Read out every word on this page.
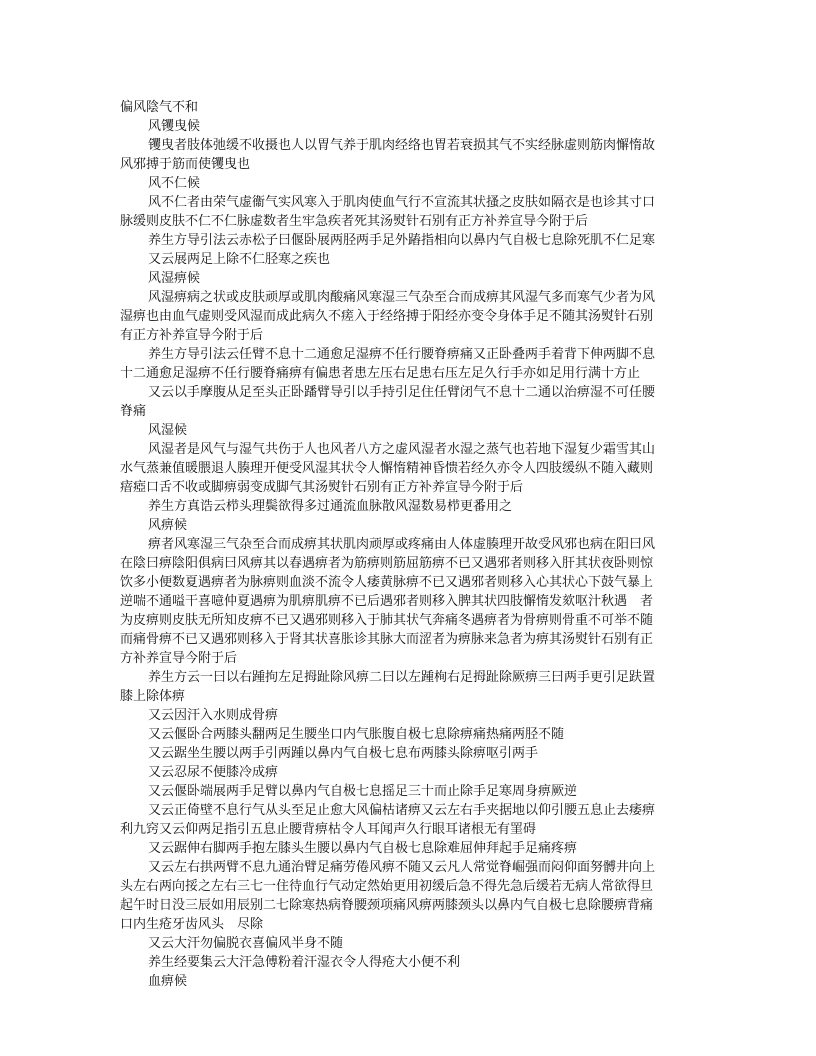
偏风陰气不和
风䦆曳候
䦆曳者肢体弛缓不收摄也人以胃气养于肌肉经络也胃若衰损其气不实经脉虚则筋肉懈惰故
风邪搏于筋而使䦆曳也
风不仁候
风不仁者由荣气虚衞气实风寒入于肌肉使血气行不宣流其状搔之皮肤如隔衣是也诊其寸口
脉缓则皮肤不仁不仁脉虚数者生牢急疾者死其汤熨针石别有正方补养宣导今附于后
养生方导引法云赤松子曰偃卧展两胫两手足外蹖指相向以鼻内气自极七息除死肌不仁足寒
又云展两足上除不仁胫寒之疾也
风湿痹候
风湿痹病之状或皮肤顽厚或肌肉酸痛风寒湿三气杂至合而成痹其风湿气多而寒气少者为风
湿痹也由血气虚则受风湿而成此病久不瘥入于经络搏于阳经亦变令身体手足不随其汤熨针石别
有正方补养宣导今附于后
养生方导引法云任臂不息十二通愈足湿痹不任行腰脊痹痛又正卧叠两手着背下伸两脚不息
十二通愈足湿痹不任行腰脊痛痹有偏患者患左压右足患右压左足久行手亦如足用行满十方止
又云以手摩腹从足至头正卧蹯臂导引以手持引足住任臂闭气不息十二通以治痹湿不可任腰
脊痛
风湿候
风湿者是风气与湿气共伤于人也风者八方之虚风湿者水湿之蒸气也若地下湿复少霜雪其山
水气蒸兼值暖腲退人腠理开便受风湿其状令人懈惰精神昏愦若经久亦令人四肢缓纵不随入藏则
瘖瘂口舌不收或脚痹弱变成脚气其汤熨针石别有正方补养宣导今附于后
养生方真诰云栉头理鬓欲得多过通流血脉散风湿数易栉更番用之
风痹候
痹者风寒湿三气杂至合而成痹其状肌肉顽厚或疼痛由人体虚腠理开故受风邪也病在阳曰风
在陰曰痹陰阳俱病曰风痹其以春遇痹者为筋痹则筋屈筋痹不已又遇邪者则移入肝其状夜卧则惊
饮多小便数夏遇痹者为脉痹则血淡不流令人痿黄脉痹不已又遇邪者则移入心其状心下鼓气暴上
逆喘不通嗌干喜噫仲夏遇痹为肌痹肌痹不已后遇邪者则移入脾其状四肢懈惰发欬呕汁秋遇　者
为皮痹则皮肤无所知皮痹不已又遇邪则移入于肺其状气奔痛冬遇痹者为骨痹则骨重不可举不随
而痛骨痹不已又遇邪则移入于肾其状喜胀诊其脉大而涩者为痹脉来急者为痹其汤熨针石别有正
方补养宣导今附于后
养生方云一曰以右踵拘左足拇趾除风痹二曰以左踵栒右足拇趾除厥痹三曰两手更引足趺置
膝上除体痹
又云因汗入水则成骨痹
又云偃卧合两膝头翻两足生腰坐口内气胀腹自极七息除痹痛热痛两胫不随
又云踞坐生腰以两手引两踵以鼻内气自极七息布两膝头除痹呕引两手
又云忍尿不便膝冷成痹
又云偃卧端展两手足臂以鼻内气自极七息摇足三十而止除手足寒周身痹厥逆
又云正倚壁不息行气从头至足止愈大风偏枯诸痹又云左右手夹据地以仰引腰五息止去痿痹
利九窍又云仰两足指引五息止腰背痹枯令人耳闻声久行眼耳诸根无有罣碍
又云踞伸右脚两手抱左膝头生腰以鼻内气自极七息除难屈伸拜起手足痛疼痹
又云左右拱两臂不息九通治臂足痛劳倦风痹不随又云凡人常觉脊崛强而闷仰面努髆井向上
头左右两向挼之左右三七一住待血行气动定然始更用初缓后急不得先急后缓若无病人常欲得旦
起午时日没三辰如用辰别二七除寒热病脊腰颈项痛风痹两膝颈头以鼻内气自极七息除腰痹背痛
口内生疮牙齿风头　尽除
又云大汗勿偏脱衣喜偏风半身不随
养生经要集云大汗急傅粉着汗湿衣令人得疮大小便不利
血痹候
